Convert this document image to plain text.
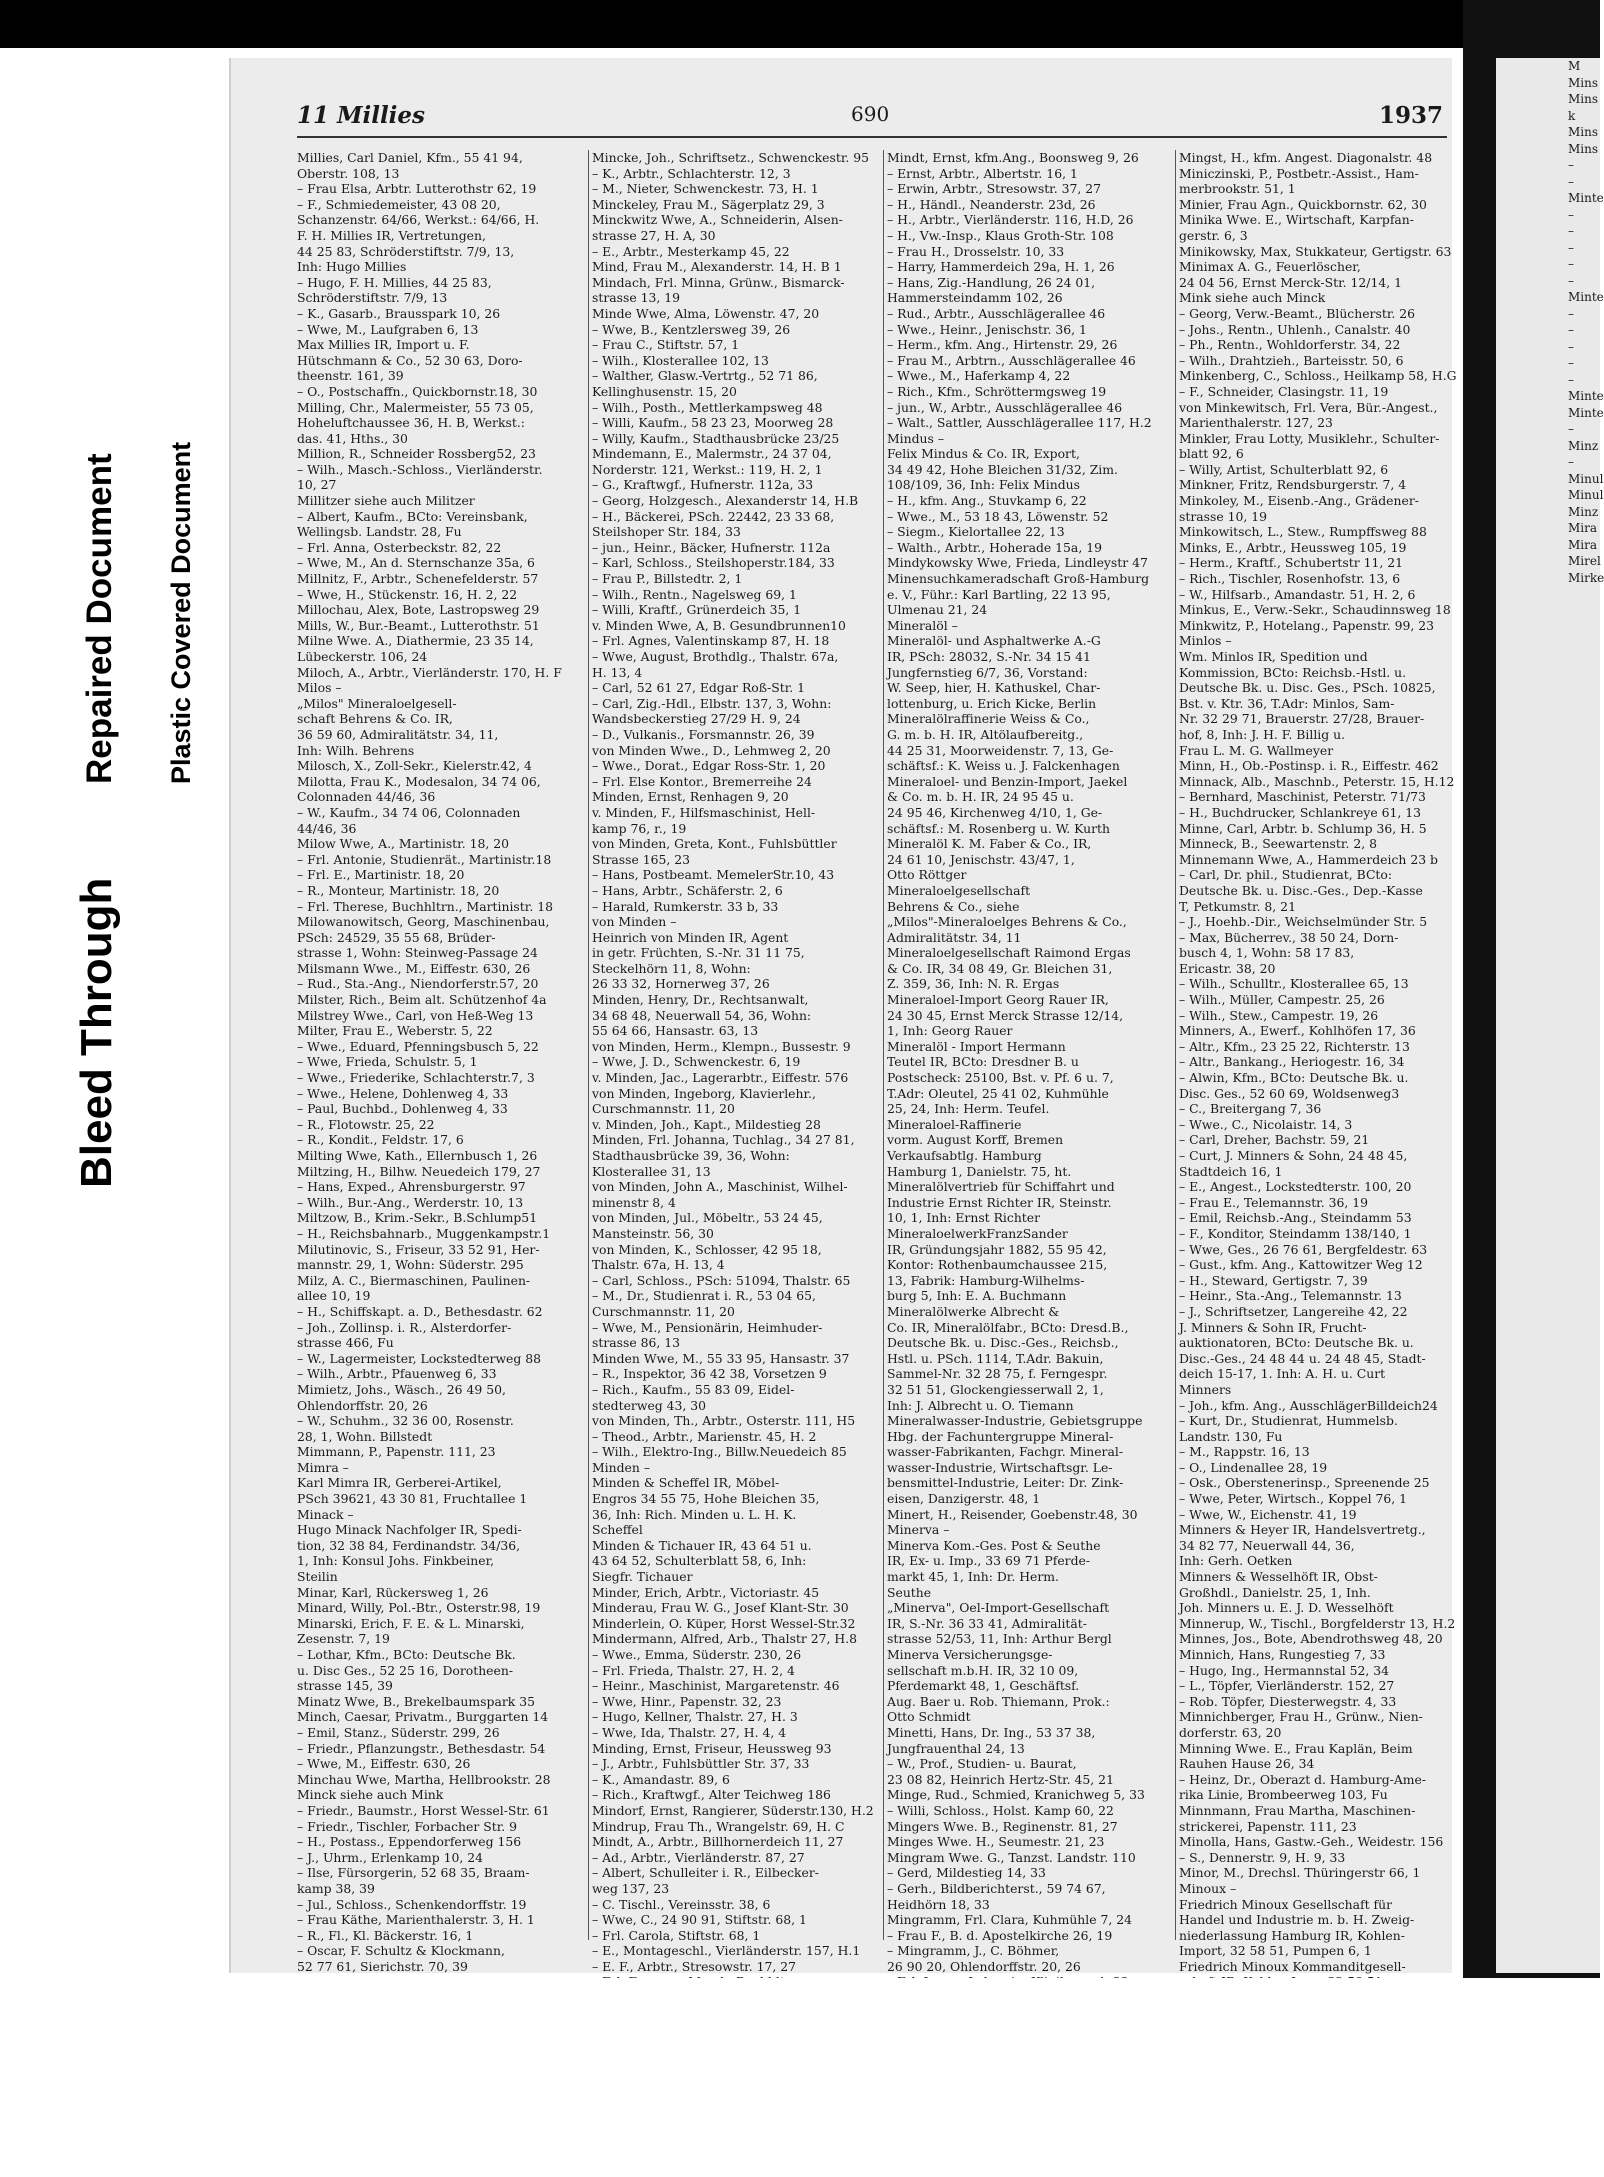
Bleed Through
Repaired Document Plastic Covered Document
11 Millies	690	1937
Millies, Carl Daniel, Kfm., 55 41 94,
Oberstr. 108, 13
– Frau Elsa, Arbtr. Lutterothstr 62, 19
– F., Schmiedemeister, 43 08 20,
Schanzenstr. 64/66, Werkst.: 64/66, H.
F. H. Millies IR, Vertretungen,
44 25 83, Schröderstiftstr. 7/9, 13,
Inh: Hugo Millies
– Hugo, F. H. Millies, 44 25 83,
Schröderstiftstr. 7/9, 13
– K., Gasarb., Brausspark 10, 26
– Wwe, M., Laufgraben 6, 13
Max Millies IR, Import u. F.
Hütschmann & Co., 52 30 63, Doro-
theenstr. 161, 39
– O., Postschaffn., Quickbornstr.18, 30
Milling, Chr., Malermeister, 55 73 05,
Hoheluftchaussee 36, H. B, Werkst.:
das. 41, Hths., 30
Million, R., Schneider Rossberg52, 23
– Wilh., Masch.-Schloss., Vierländerstr.
10, 27
Millitzer siehe auch Militzer
– Albert, Kaufm., BCto: Vereinsbank,
Wellingsb. Landstr. 28, Fu
– Frl. Anna, Osterbeckstr. 82, 22
– Wwe, M., An d. Sternschanze 35a, 6
Millnitz, F., Arbtr., Schenefelderstr. 57
– Wwe, H., Stückenstr. 16, H. 2, 22
Millochau, Alex, Bote, Lastropsweg 29
Mills, W., Bur.-Beamt., Lutterothstr. 51
Milne Wwe. A., Diathermie, 23 35 14,
Lübeckerstr. 106, 24
Miloch, A., Arbtr., Vierländerstr. 170, H. F
Milos –
„Milos" Mineraloelgesell-
schaft Behrens & Co. IR,
36 59 60, Admiralitätstr. 34, 11,
Inh: Wilh. Behrens
Milosch, X., Zoll-Sekr., Kielerstr.42, 4
Milotta, Frau K., Modesalon, 34 74 06,
Colonnaden 44/46, 36
– W., Kaufm., 34 74 06, Colonnaden
44/46, 36
Milow Wwe, A., Martinistr. 18, 20
– Frl. Antonie, Studienrät., Martinistr.18
– Frl. E., Martinistr. 18, 20
– R., Monteur, Martinistr. 18, 20
– Frl. Therese, Buchhltrn., Martinistr. 18
Milowanowitsch, Georg, Maschinenbau,
PSch: 24529, 35 55 68, Brüder-
strasse 1, Wohn: Steinweg-Passage 24
Milsmann Wwe., M., Eiffestr. 630, 26
– Rud., Sta.-Ang., Niendorferstr.57, 20
Milster, Rich., Beim alt. Schützenhof 4a
Milstrey Wwe., Carl, von Heß-Weg 13
Milter, Frau E., Weberstr. 5, 22
– Wwe., Eduard, Pfenningsbusch 5, 22
– Wwe, Frieda, Schulstr. 5, 1
– Wwe., Friederike, Schlachterstr.7, 3
– Wwe., Helene, Dohlenweg 4, 33
– Paul, Buchbd., Dohlenweg 4, 33
– R., Flotowstr. 25, 22
– R., Kondit., Feldstr. 17, 6
Milting Wwe, Kath., Ellernbusch 1, 26
Miltzing, H., Bilhw. Neuedeich 179, 27
– Hans, Exped., Ahrensburgerstr. 97
– Wilh., Bur.-Ang., Werderstr. 10, 13
Miltzow, B., Krim.-Sekr., B.Schlump51
– H., Reichsbahnarb., Muggenkampstr.1
Milutinovic, S., Friseur, 33 52 91, Her-
mannstr. 29, 1, Wohn: Süderstr. 295
Milz, A. C., Biermaschinen, Paulinen-
allee 10, 19
– H., Schiffskapt. a. D., Bethesdastr. 62
– Joh., Zollinsp. i. R., Alsterdorfer-
strasse 466, Fu
– W., Lagermeister, Lockstedterweg 88
– Wilh., Arbtr., Pfauenweg 6, 33
Mimietz, Johs., Wäsch., 26 49 50,
Ohlendorffstr. 20, 26
– W., Schuhm., 32 36 00, Rosenstr.
28, 1, Wohn. Billstedt
Mimmann, P., Papenstr. 111, 23
Mimra –
Karl Mimra IR, Gerberei-Artikel,
PSch 39621, 43 30 81, Fruchtallee 1
Minack –
Hugo Minack Nachfolger IR, Spedi-
tion, 32 38 84, Ferdinandstr. 34/36,
1, Inh: Konsul Johs. Finkbeiner,
Steilin
Minar, Karl, Rückersweg 1, 26
Minard, Willy, Pol.-Btr., Osterstr.98, 19
Minarski, Erich, F. E. & L. Minarski,
Zesenstr. 7, 19
– Lothar, Kfm., BCto: Deutsche Bk.
u. Disc Ges., 52 25 16, Dorotheen-
strasse 145, 39
Minatz Wwe, B., Brekelbaumspark 35
Minch, Caesar, Privatm., Burggarten 14
– Emil, Stanz., Süderstr. 299, 26
– Friedr., Pflanzungstr., Bethesdastr. 54
– Wwe, M., Eiffestr. 630, 26
Minchau Wwe, Martha, Hellbrookstr. 28
Minck siehe auch Mink
– Friedr., Baumstr., Horst Wessel-Str. 61
– Friedr., Tischler, Forbacher Str. 9
– H., Postass., Eppendorferweg 156
– J., Uhrm., Erlenkamp 10, 24
– Ilse, Fürsorgerin, 52 68 35, Braam-
kamp 38, 39
– Jul., Schloss., Schenkendorffstr. 19
– Frau Käthe, Marienthalerstr. 3, H. 1
– R., Fl., Kl. Bäckerstr. 16, 1
– Oscar, F. Schultz & Klockmann,
52 77 61, Sierichstr. 70, 39
Mincke, Joh., Schriftsetz., Schwenckestr. 95
– K., Arbtr., Schlachterstr. 12, 3
– M., Nieter, Schwenckestr. 73, H. 1
Minckeley, Frau M., Sägerplatz 29, 3
Minckwitz Wwe, A., Schneiderin, Alsen-
strasse 27, H. A, 30
– E., Arbtr., Mesterkamp 45, 22
Mind, Frau M., Alexanderstr. 14, H. B 1
Mindach, Frl. Minna, Grünw., Bismarck-
strasse 13, 19
Minde Wwe, Alma, Löwenstr. 47, 20
– Wwe, B., Kentzlersweg 39, 26
– Frau C., Stiftstr. 57, 1
– Wilh., Klosterallee 102, 13
– Walther, Glasw.-Vertrtg., 52 71 86,
Kellinghusenstr. 15, 20
– Wilh., Posth., Mettlerkampsweg 48
– Willi, Kaufm., 58 23 23, Moorweg 28
– Willy, Kaufm., Stadthausbrücke 23/25
Mindemann, E., Malermstr., 24 37 04,
Norderstr. 121, Werkst.: 119, H. 2, 1
– G., Kraftwgf., Hufnerstr. 112a, 33
– Georg, Holzgesch., Alexanderstr 14, H.B
– H., Bäckerei, PSch. 22442, 23 33 68,
Steilshoper Str. 184, 33
– jun., Heinr., Bäcker, Hufnerstr. 112a
– Karl, Schloss., Steilshoperstr.184, 33
– Frau P., Billstedtr. 2, 1
– Wilh., Rentn., Nagelsweg 69, 1
– Willi, Kraftf., Grünerdeich 35, 1
v. Minden Wwe, A, B. Gesundbrunnen10
– Frl. Agnes, Valentinskamp 87, H. 18
– Wwe, August, Brothdlg., Thalstr. 67a,
H. 13, 4
– Carl, 52 61 27, Edgar Roß-Str. 1
– Carl, Zig.-Hdl., Elbstr. 137, 3, Wohn:
Wandsbeckerstieg 27/29 H. 9, 24
– D., Vulkanis., Forsmannstr. 26, 39
von Minden Wwe., D., Lehmweg 2, 20
– Wwe., Dorat., Edgar Ross-Str. 1, 20
– Frl. Else Kontor., Bremerreihe 24
Minden, Ernst, Renhagen 9, 20
v. Minden, F., Hilfsmaschinist, Hell-
kamp 76, r., 19
von Minden, Greta, Kont., Fuhlsbüttler
Strasse 165, 23
– Hans, Postbeamt. MemelerStr.10, 43
– Hans, Arbtr., Schäferstr. 2, 6
– Harald, Rumkerstr. 33 b, 33
von Minden –
Heinrich von Minden IR, Agent
in getr. Früchten, S.-Nr. 31 11 75,
Steckelhörn 11, 8, Wohn:
26 33 32, Hornerweg 37, 26
Minden, Henry, Dr., Rechtsanwalt,
34 68 48, Neuerwall 54, 36, Wohn:
55 64 66, Hansastr. 63, 13
von Minden, Herm., Klempn., Bussestr. 9
– Wwe, J. D., Schwenckestr. 6, 19
v. Minden, Jac., Lagerarbtr., Eiffestr. 576
von Minden, Ingeborg, Klavierlehr.,
Curschmannstr. 11, 20
v. Minden, Joh., Kapt., Mildestieg 28
Minden, Frl. Johanna, Tuchlag., 34 27 81,
Stadthausbrücke 39, 36, Wohn:
Klosterallee 31, 13
von Minden, John A., Maschinist, Wilhel-
minenstr 8, 4
von Minden, Jul., Möbeltr., 53 24 45,
Mansteinstr. 56, 30
von Minden, K., Schlosser, 42 95 18,
Thalstr. 67a, H. 13, 4
– Carl, Schloss., PSch: 51094, Thalstr. 65
– M., Dr., Studienrat i. R., 53 04 65,
Curschmannstr. 11, 20
– Wwe, M., Pensionärin, Heimhuder-
strasse 86, 13
Minden Wwe, M., 55 33 95, Hansastr. 37
– R., Inspektor, 36 42 38, Vorsetzen 9
– Rich., Kaufm., 55 83 09, Eidel-
stedterweg 43, 30
von Minden, Th., Arbtr., Osterstr. 111, H5
– Theod., Arbtr., Marienstr. 45, H. 2
– Wilh., Elektro-Ing., Billw.Neuedeich 85
Minden –
Minden & Scheffel IR, Möbel-
Engros 34 55 75, Hohe Bleichen 35,
36, Inh: Rich. Minden u. L. H. K.
Scheffel
Minden & Tichauer IR, 43 64 51 u.
43 64 52, Schulterblatt 58, 6, Inh:
Siegfr. Tichauer
Minder, Erich, Arbtr., Victoriastr. 45
Minderau, Frau W. G., Josef Klant-Str. 30
Minderlein, O. Küper, Horst Wessel-Str.32
Mindermann, Alfred, Arb., Thalstr 27, H.8
– Wwe., Emma, Süderstr. 230, 26
– Frl. Frieda, Thalstr. 27, H. 2, 4
– Heinr., Maschinist, Margaretenstr. 46
– Wwe, Hinr., Papenstr. 32, 23
– Hugo, Kellner, Thalstr. 27, H. 3
– Wwe, Ida, Thalstr. 27, H. 4, 4
Minding, Ernst, Friseur, Heussweg 93
– J., Arbtr., Fuhlsbüttler Str. 37, 33
– K., Amandastr. 89, 6
– Rich., Kraftwgf., Alter Teichweg 186
Mindorf, Ernst, Rangierer, Süderstr.130, H.2
Mindrup, Frau Th., Wrangelstr. 69, H. C
Mindt, A., Arbtr., Billhornerdeich 11, 27
– Ad., Arbtr., Vierländerstr. 87, 27
– Albert, Schulleiter i. R., Eilbecker-
weg 137, 23
– C. Tischl., Vereinsstr. 38, 6
– Wwe, C., 24 90 91, Stiftstr. 68, 1
– Frl. Carola, Stiftstr. 68, 1
– E., Montageschl., Vierländerstr. 157, H.1
– E. F., Arbtr., Stresowstr. 17, 27
Mindt, Ernst, kfm.Ang., Boonsweg 9, 26
– Ernst, Arbtr., Albertstr. 16, 1
– Erwin, Arbtr., Stresowstr. 37, 27
– H., Händl., Neanderstr. 23d, 26
– H., Arbtr., Vierländerstr. 116, H.D, 26
– H., Vw.-Insp., Klaus Groth-Str. 108
– Frau H., Drosselstr. 10, 33
– Harry, Hammerdeich 29a, H. 1, 26
– Hans, Zig.-Handlung, 26 24 01,
Hammersteindamm 102, 26
– Rud., Arbtr., Ausschlägerallee 46
– Wwe., Heinr., Jenischstr. 36, 1
– Herm., kfm. Ang., Hirtenstr. 29, 26
– Frau M., Arbtrn., Ausschlägerallee 46
– Wwe., M., Haferkamp 4, 22
– Rich., Kfm., Schröttermgsweg 19
– jun., W., Arbtr., Ausschlägerallee 46
– Walt., Sattler, Ausschlägerallee 117, H.2
Mindus –
Felix Mindus & Co. IR, Export,
34 49 42, Hohe Bleichen 31/32, Zim.
108/109, 36, Inh: Felix Mindus
– H., kfm. Ang., Stuvkamp 6, 22
– Wwe., M., 53 18 43, Löwenstr. 52
– Siegm., Kielortallee 22, 13
– Walth., Arbtr., Hoherade 15a, 19
Mindykowsky Wwe, Frieda, Lindleystr 47
Minensuchkameradschaft Groß-Hamburg
e. V., Führ.: Karl Bartling, 22 13 95,
Ulmenau 21, 24
Mineralöl –
Mineralöl- und Asphaltwerke A.-G
IR, PSch: 28032, S.-Nr. 34 15 41
Jungfernstieg 6/7, 36, Vorstand:
W. Seep, hier, H. Kathuskel, Char-
lottenburg, u. Erich Kicke, Berlin
Mineralölraffinerie Weiss & Co.,
G. m. b. H. IR, Altölaufbereitg.,
44 25 31, Moorweidenstr. 7, 13, Ge-
schäftsf.: K. Weiss u. J. Falckenhagen
Mineraloel- und Benzin-Import, Jaekel
& Co. m. b. H. IR, 24 95 45 u.
24 95 46, Kirchenweg 4/10, 1, Ge-
schäftsf.: M. Rosenberg u. W. Kurth
Mineralöl K. M. Faber & Co., IR,
24 61 10, Jenischstr. 43/47, 1,
Otto Röttger
Mineraloelgesellschaft
Behrens & Co., siehe
„Milos"-Mineraloelges Behrens & Co.,
Admiralitätstr. 34, 11
Mineraloelgesellschaft Raimond Ergas
& Co. IR, 34 08 49, Gr. Bleichen 31,
Z. 359, 36, Inh: N. R. Ergas
Mineraloel-Import Georg Rauer IR,
24 30 45, Ernst Merck Strasse 12/14,
1, Inh: Georg Rauer
Mineralöl - Import Hermann
Teutel IR, BCto: Dresdner B. u
Postscheck: 25100, Bst. v. Pf. 6 u. 7,
T.Adr: Oleutel, 25 41 02, Kuhmühle
25, 24, Inh: Herm. Teufel.
Mineraloel-Raffinerie
vorm. August Korff, Bremen
Verkaufsabtlg. Hamburg
Hamburg 1, Danielstr. 75, ht.
Mineralölvertrieb für Schiffahrt und
Industrie Ernst Richter IR, Steinstr.
10, 1, Inh: Ernst Richter
MineraloelwerkFranzSander
IR, Gründungsjahr 1882, 55 95 42,
Kontor: Rothenbaumchaussee 215,
13, Fabrik: Hamburg-Wilhelms-
burg 5, Inh: E. A. Buchmann
Mineralölwerke Albrecht &
Co. IR, Mineralölfabr., BCto: Dresd.B.,
Deutsche Bk. u. Disc.-Ges., Reichsb.,
Hstl. u. PSch. 1114, T.Adr. Bakuin,
Sammel-Nr. 32 28 75, f. Ferngespr.
32 51 51, Glockengiesserwall 2, 1,
Inh: J. Albrecht u. O. Tiemann
Mineralwasser-Industrie, Gebietsgruppe
Hbg. der Fachuntergruppe Mineral-
wasser-Fabrikanten, Fachgr. Mineral-
wasser-Industrie, Wirtschaftsgr. Le-
bensmittel-Industrie, Leiter: Dr. Zink-
eisen, Danzigerstr. 48, 1
Minert, H., Reisender, Goebenstr.48, 30
Minerva –
Minerva Kom.-Ges. Post & Seuthe
IR, Ex- u. Imp., 33 69 71 Pferde-
markt 45, 1, Inh: Dr. Herm.
Seuthe
„Minerva", Oel-Import-Gesellschaft
IR, S.-Nr. 36 33 41, Admiralität-
strasse 52/53, 11, Inh: Arthur Bergl
Minerva Versicherungsge-
sellschaft m.b.H. IR, 32 10 09,
Pferdemarkt 48, 1, Geschäftsf.
Aug. Baer u. Rob. Thiemann, Prok.:
Otto Schmidt
Minetti, Hans, Dr. Ing., 53 37 38,
Jungfrauenthal 24, 13
– W., Prof., Studien- u. Baurat,
23 08 82, Heinrich Hertz-Str. 45, 21
Minge, Rud., Schmied, Kranichweg 5, 33
– Willi, Schloss., Holst. Kamp 60, 22
Mingers Wwe. B., Reginenstr. 81, 27
Minges Wwe. H., Seumestr. 21, 23
Mingram Wwe. G., Tanzst. Landstr. 110
– Gerd, Mildestieg 14, 33
– Gerh., Bildberichterst., 59 74 67,
Heidhörn 18, 33
Mingramm, Frl. Clara, Kuhmühle 7, 24
– Frau F., B. d. Apostelkirche 26, 19
– Mingramm, J., C. Böhmer,
26 90 20, Ohlendorffstr. 20, 26
Mingst, H., kfm. Angest. Diagonalstr. 48
Miniczinski, P., Postbetr.-Assist., Ham-
merbrookstr. 51, 1
Minier, Frau Agn., Quickbornstr. 62, 30
Minika Wwe. E., Wirtschaft, Karpfan-
gerstr. 6, 3
Minikowsky, Max, Stukkateur, Gertigstr. 63
Minimax A. G., Feuerlöscher,
24 04 56, Ernst Merck-Str. 12/14, 1
Mink siehe auch Minck
– Georg, Verw.-Beamt., Blücherstr. 26
– Johs., Rentn., Uhlenh., Canalstr. 40
– Ph., Rentn., Wohldorferstr. 34, 22
– Wilh., Drahtzieh., Barteisstr. 50, 6
Minkenberg, C., Schloss., Heilkamp 58, H.G
– F., Schneider, Clasingstr. 11, 19
von Minkewitsch, Frl. Vera, Bür.-Angest.,
Marienthalerstr. 127, 23
Minkler, Frau Lotty, Musiklehr., Schulter-
blatt 92, 6
– Willy, Artist, Schulterblatt 92, 6
Minkner, Fritz, Rendsburgerstr. 7, 4
Minkoley, M., Eisenb.-Ang., Grädener-
strasse 10, 19
Minkowitsch, L., Stew., Rumpffsweg 88
Minks, E., Arbtr., Heussweg 105, 19
– Herm., Kraftf., Schubertstr 11, 21
– Rich., Tischler, Rosenhofstr. 13, 6
– W., Hilfsarb., Amandastr. 51, H. 2, 6
Minkus, E., Verw.-Sekr., Schaudinnsweg 18
Minkwitz, P., Hotelang., Papenstr. 99, 23
Minlos –
Wm. Minlos IR, Spedition und
Kommission, BCto: Reichsb.-Hstl. u.
Deutsche Bk. u. Disc. Ges., PSch. 10825,
Bst. v. Ktr. 36, T.Adr: Minlos, Sam-
Nr. 32 29 71, Brauerstr. 27/28, Brauer-
hof, 8, Inh: J. H. F. Billig u.
Frau L. M. G. Wallmeyer
Minn, H., Ob.-Postinsp. i. R., Eiffestr. 462
Minnack, Alb., Maschnb., Peterstr. 15, H.12
– Bernhard, Maschinist, Peterstr. 71/73
– H., Buchdrucker, Schlankreye 61, 13
Minne, Carl, Arbtr. b. Schlump 36, H. 5
Minneck, B., Seewartenstr. 2, 8
Minnemann Wwe, A., Hammerdeich 23 b
– Carl, Dr. phil., Studienrat, BCto:
Deutsche Bk. u. Disc.-Ges., Dep.-Kasse
T, Petkumstr. 8, 21
– J., Hoehb.-Dir., Weichselmünder Str. 5
– Max, Bücherrev., 38 50 24, Dorn-
busch 4, 1, Wohn: 58 17 83,
Ericastr. 38, 20
– Wilh., Schulltr., Klosterallee 65, 13
– Wilh., Müller, Campestr. 25, 26
– Wilh., Stew., Campestr. 19, 26
Minners, A., Ewerf., Kohlhöfen 17, 36
– Altr., Kfm., 23 25 22, Richterstr. 13
– Altr., Bankang., Heriogestr. 16, 34
– Alwin, Kfm., BCto: Deutsche Bk. u.
Disc. Ges., 52 60 69, Woldsenweg3
– C., Breitergang 7, 36
– Wwe., C., Nicolaistr. 14, 3
– Carl, Dreher, Bachstr. 59, 21
– Curt, J. Minners & Sohn, 24 48 45,
Stadtdeich 16, 1
– E., Angest., Lockstedterstr. 100, 20
– Frau E., Telemannstr. 36, 19
– Emil, Reichsb.-Ang., Steindamm 53
– F., Konditor, Steindamm 138/140, 1
– Wwe, Ges., 26 76 61, Bergfeldestr. 63
– Gust., kfm. Ang., Kattowitzer Weg 12
– H., Steward, Gertigstr. 7, 39
– Heinr., Sta.-Ang., Telemannstr. 13
– J., Schriftsetzer, Langereihe 42, 22
J. Minners & Sohn IR, Frucht-
auktionatoren, BCto: Deutsche Bk. u.
Disc.-Ges., 24 48 44 u. 24 48 45, Stadt-
deich 15-17, 1. Inh: A. H. u. Curt
Minners
– Joh., kfm. Ang., AusschlägerBilldeich24
– Kurt, Dr., Studienrat, Hummelsb.
Landstr. 130, Fu
– M., Rappstr. 16, 13
– O., Lindenallee 28, 19
– Osk., Oberstenerinsp., Spreenende 25
– Wwe, Peter, Wirtsch., Koppel 76, 1
– Wwe, W., Eichenstr. 41, 19
Minners & Heyer IR, Handelsvertretg.,
34 82 77, Neuerwall 44, 36,
Inh: Gerh. Oetken
Minners & Wesselhöft IR, Obst-
Großhdl., Danielstr. 25, 1, Inh.
Joh. Minners u. E. J. D. Wesselhöft
Minnerup, W., Tischl., Borgfelderstr 13, H.2
Minnes, Jos., Bote, Abendrothsweg 48, 20
Minnich, Hans, Rungestieg 7, 33
– Hugo, Ing., Hermannstal 52, 34
– L., Töpfer, Vierländerstr. 152, 27
– Rob. Töpfer, Diesterwegstr. 4, 33
Minnichberger, Frau H., Grünw., Nien-
dorferstr. 63, 20
Minning Wwe. E., Frau Kaplän, Beim
Rauhen Hause 26, 34
– Heinz, Dr., Oberazt d. Hamburg-Ame-
rika Linie, Brombeerweg 103, Fu
Minnmann, Frau Martha, Maschinen-
strickerei, Papenstr. 111, 23
Minolla, Hans, Gastw.-Geh., Weidestr. 156
– S., Dennerstr. 9, H. 9, 33
Minor, M., Drechsl. Thüringerstr 66, 1
Minoux –
Friedrich Minoux Gesellschaft für
Handel und Industrie m. b. H. Zweig-
niederlassung Hamburg IR, Kohlen-
Import, 32 58 51, Pumpen 6, 1
Friedrich Minoux Kommanditgesell-
M
Mins
Mins
k
Mins
Mins
–
–
Minte
–
–
–
–
–
Minte
–
–
–
–
–
Minte
Minte
–
Minz
–
Minul
Minul
Minz
Mira
Mira
Mirel
Mirke
